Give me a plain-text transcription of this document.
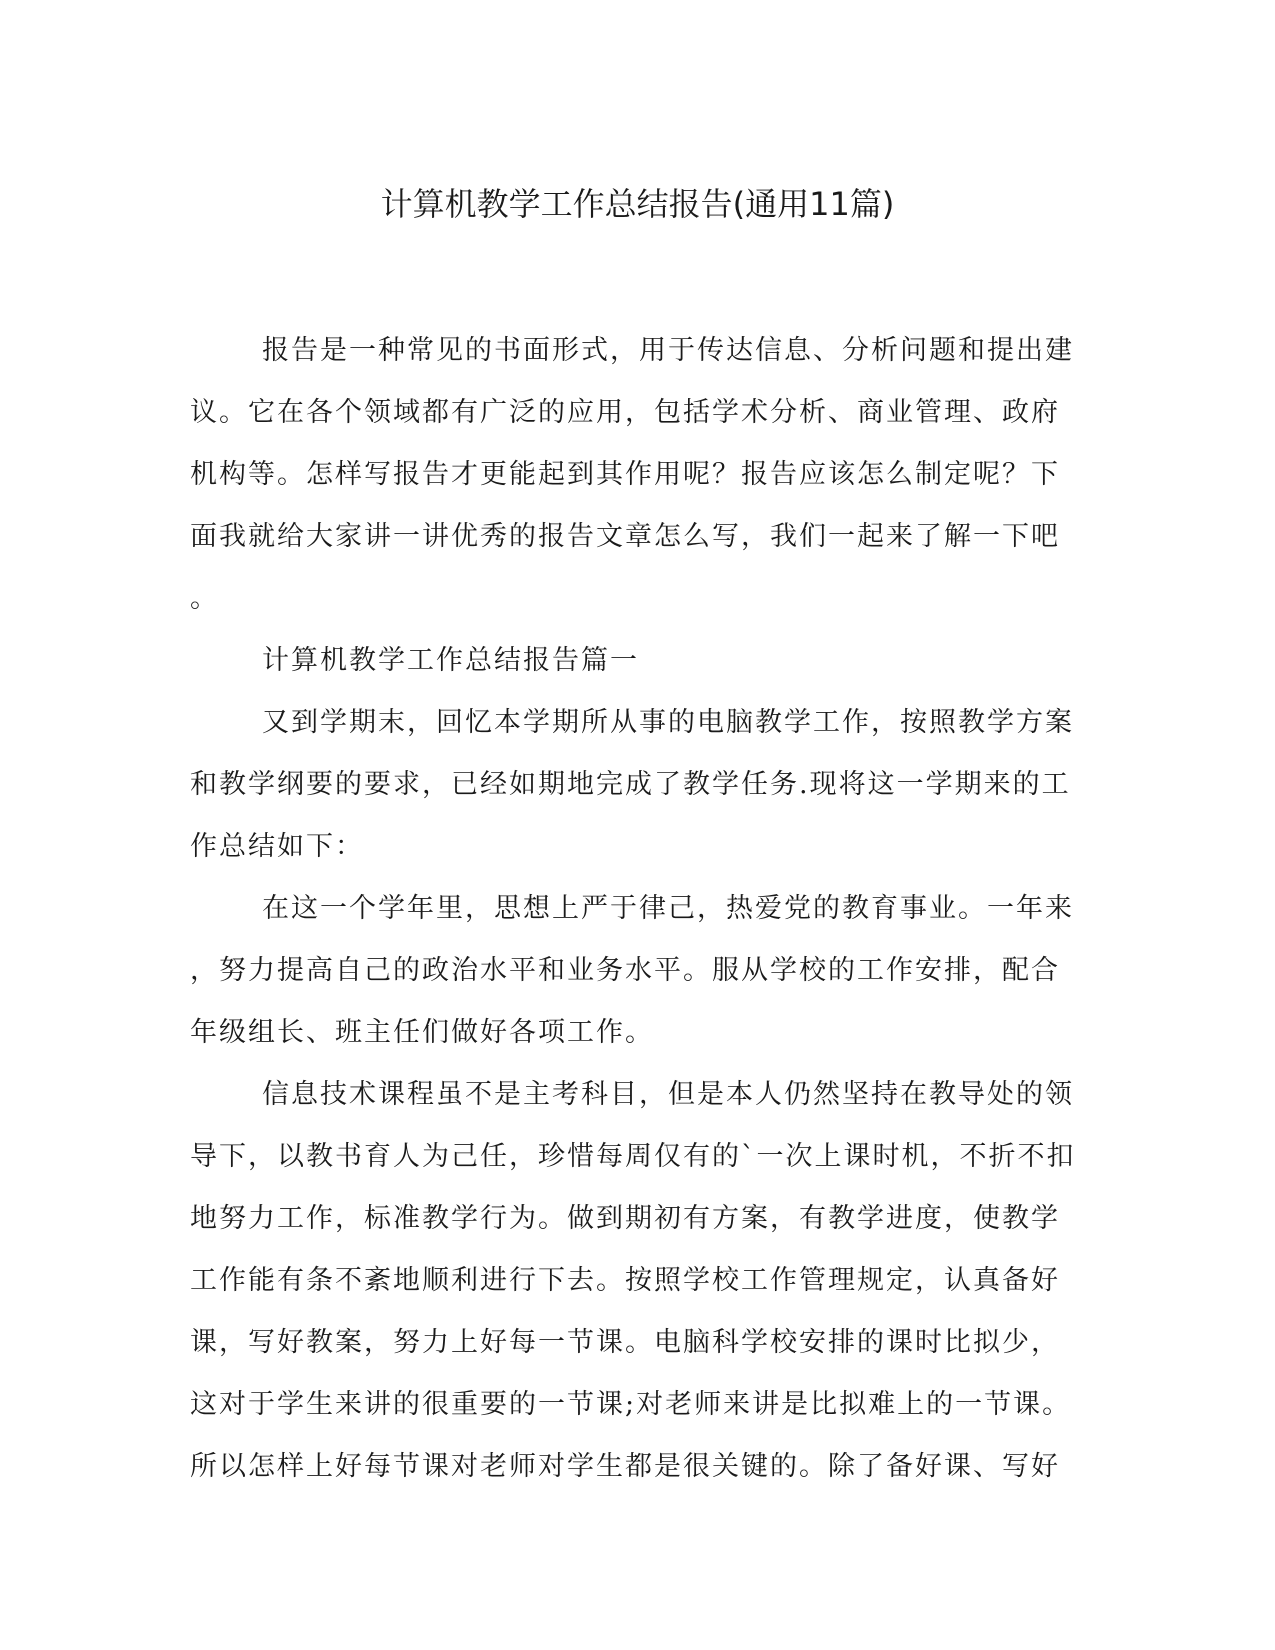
计算机教学工作总结报告(通用11篇)

报告是一种常见的书面形式，用于传达信息、分析问题和提出建

议。它在各个领域都有广泛的应用，包括学术分析、商业管理、政府

机构等。怎样写报告才更能起到其作用呢？报告应该怎么制定呢？下

面我就给大家讲一讲优秀的报告文章怎么写，我们一起来了解一下吧

。

计算机教学工作总结报告篇一

又到学期末，回忆本学期所从事的电脑教学工作，按照教学方案

和教学纲要的要求，已经如期地完成了教学任务.现将这一学期来的工

作总结如下：

在这一个学年里，思想上严于律己，热爱党的教育事业。一年来

，努力提高自己的政治水平和业务水平。服从学校的工作安排，配合

年级组长、班主任们做好各项工作。

信息技术课程虽不是主考科目，但是本人仍然坚持在教导处的领

导下，以教书育人为己任，珍惜每周仅有的`一次上课时机，不折不扣

地努力工作，标准教学行为。做到期初有方案，有教学进度，使教学

工作能有条不紊地顺利进行下去。按照学校工作管理规定，认真备好

课，写好教案，努力上好每一节课。电脑科学校安排的课时比拟少，

这对于学生来讲的很重要的一节课;对老师来讲是比拟难上的一节课。

所以怎样上好每节课对老师对学生都是很关键的。除了备好课、写好
